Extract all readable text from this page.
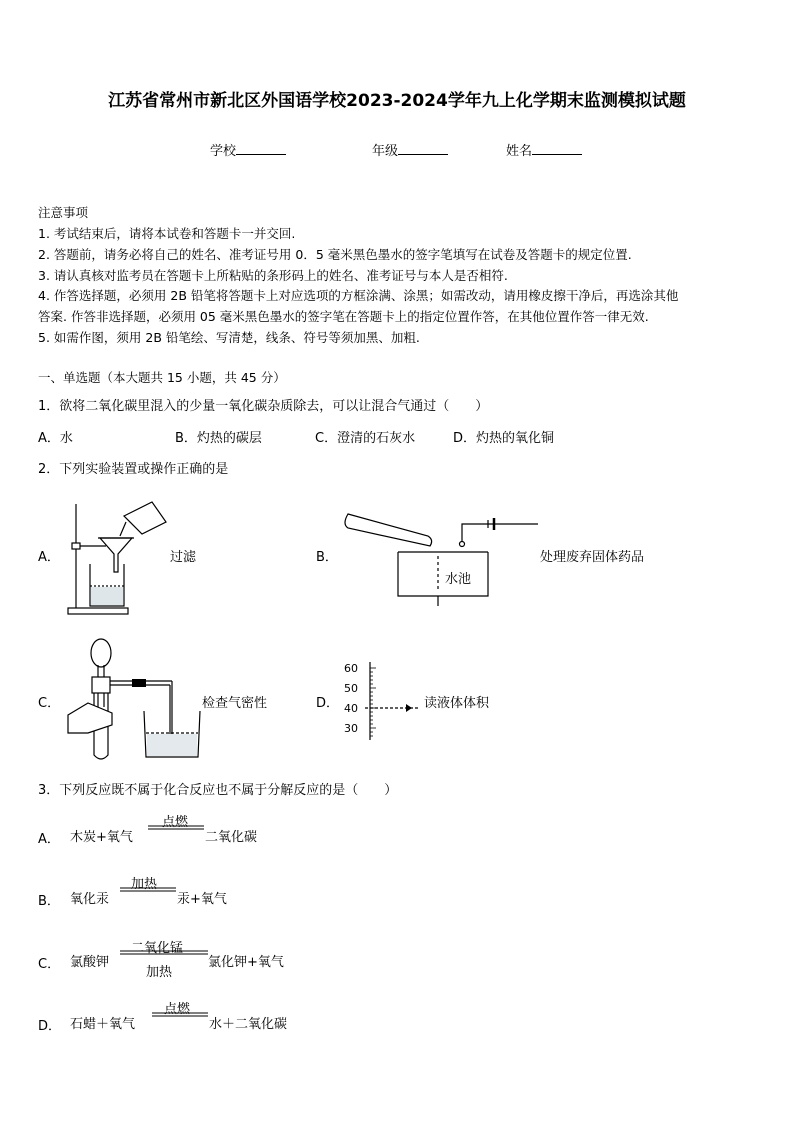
江苏省常州市新北区外国语学校2023-2024学年九上化学期末监测模拟试题
学校	年级	姓名
注意事项
1. 考试结束后，请将本试卷和答题卡一并交回.
2. 答题前，请务必将自己的姓名、准考证号用 0．5 毫米黑色墨水的签字笔填写在试卷及答题卡的规定位置.
3. 请认真核对监考员在答题卡上所粘贴的条形码上的姓名、准考证号与本人是否相符.
4. 作答选择题，必须用 2B 铅笔将答题卡上对应选项的方框涂满、涂黑；如需改动，请用橡皮擦干净后，再选涂其他
答案. 作答非选择题，必须用 05 毫米黑色墨水的签字笔在答题卡上的指定位置作答，在其他位置作答一律无效.
5. 如需作图，须用 2B 铅笔绘、写清楚，线条、符号等须加黑、加粗.
一、单选题（本大题共 15 小题，共 45 分）
1．欲将二氧化碳里混入的少量一氧化碳杂质除去，可以让混合气通过（　　）
A．水	B．灼热的碳层	C．澄清的石灰水	D．灼热的氧化铜
2．下列实验装置或操作正确的是
A．	过滤	B．
水池
处理废弃固体药品
C．	检查气密性	D．
60
50
40
30
读液体体积
3．下列反应既不属于化合反应也不属于分解反应的是（　　）
A． 木炭+氧气
点燃
二氧化碳
B． 氧化汞
加热
汞+氧气
C． 氯酸钾
二氧化锰
加热
氯化钾+氧气
D． 石蜡＋氧气
点燃
水＋二氧化碳
